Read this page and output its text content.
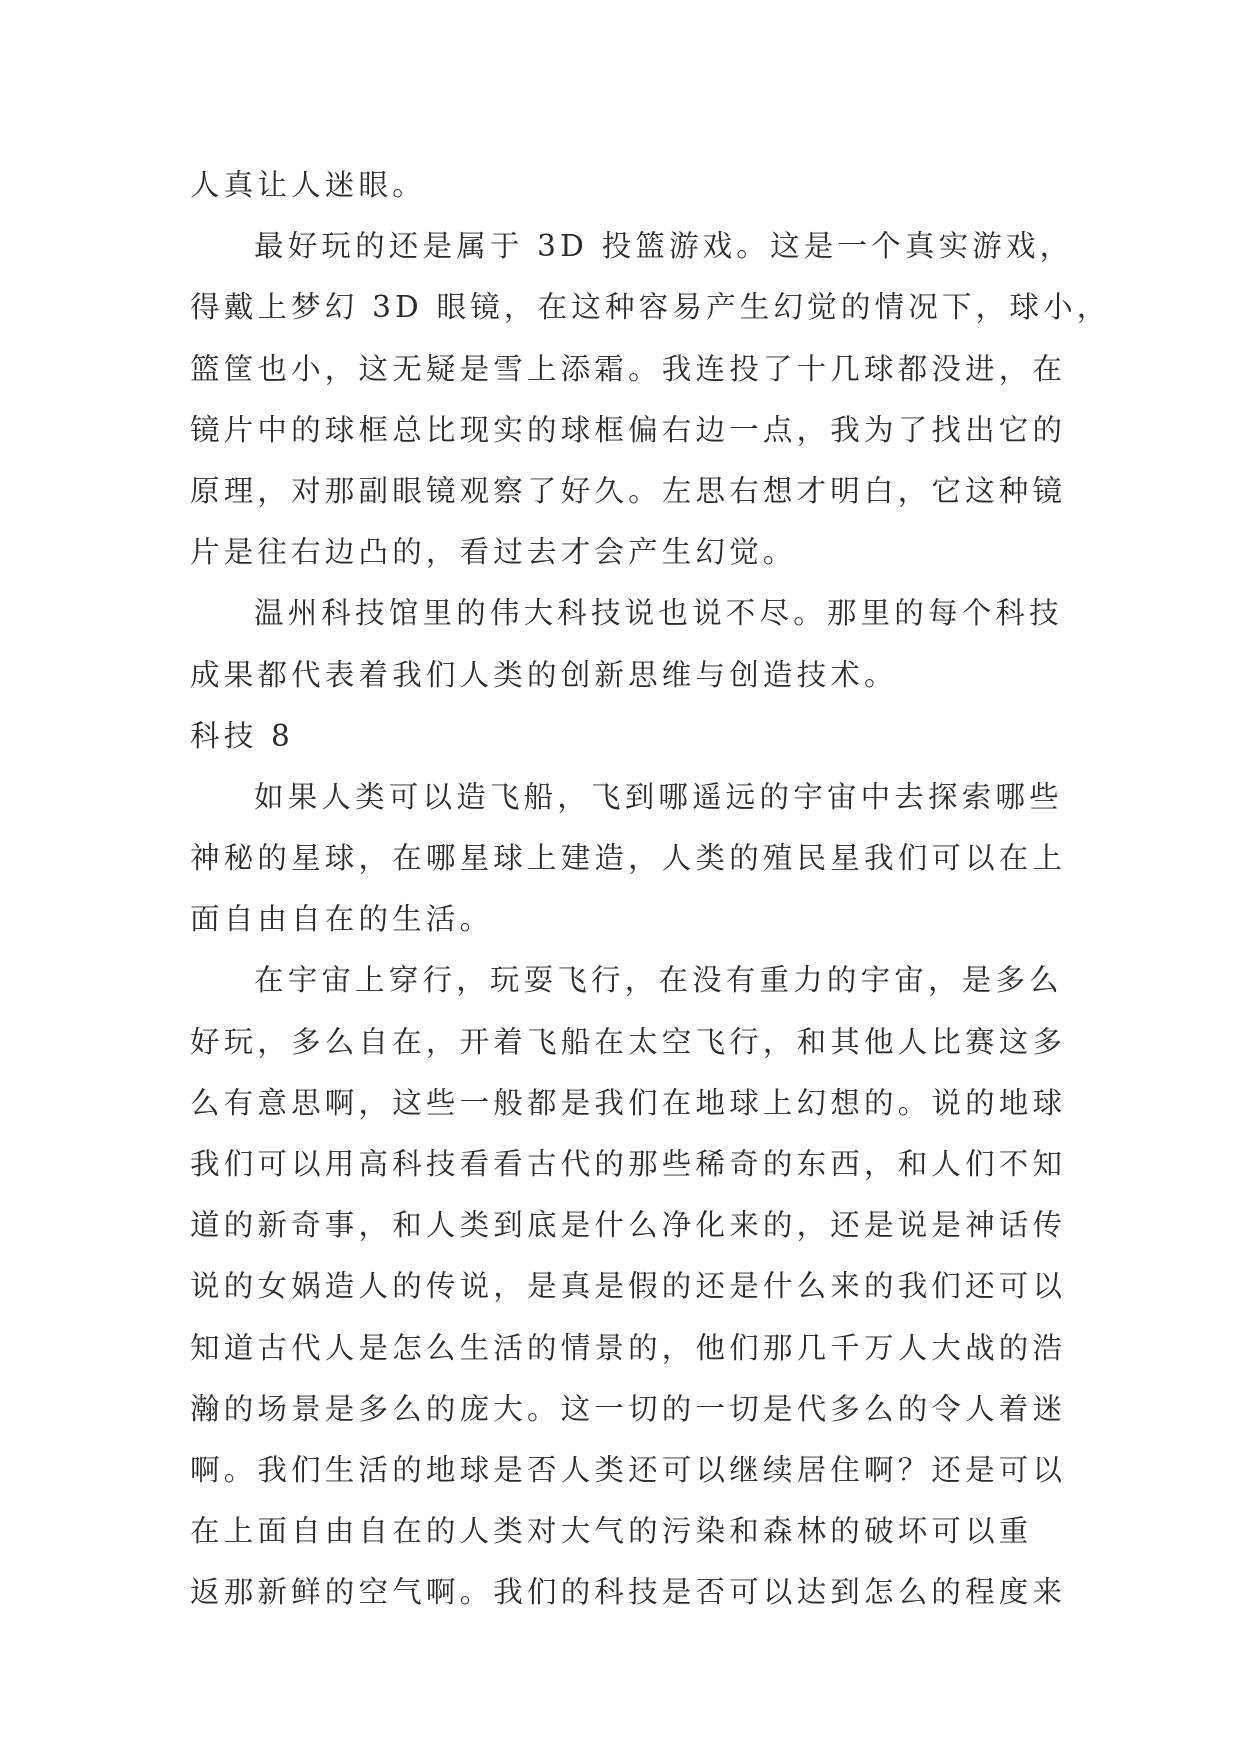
人真让人迷眼。
最好玩的还是属于 3D 投篮游戏。这是一个真实游戏，
得戴上梦幻 3D 眼镜，在这种容易产生幻觉的情况下，球小，
篮筐也小，这无疑是雪上添霜。我连投了十几球都没进，在
镜片中的球框总比现实的球框偏右边一点，我为了找出它的
原理，对那副眼镜观察了好久。左思右想才明白，它这种镜
片是往右边凸的，看过去才会产生幻觉。
温州科技馆里的伟大科技说也说不尽。那里的每个科技
成果都代表着我们人类的创新思维与创造技术。
科技 8
如果人类可以造飞船，飞到哪遥远的宇宙中去探索哪些
神秘的星球，在哪星球上建造，人类的殖民星我们可以在上
面自由自在的生活。
在宇宙上穿行，玩耍飞行，在没有重力的宇宙，是多么
好玩，多么自在，开着飞船在太空飞行，和其他人比赛这多
么有意思啊，这些一般都是我们在地球上幻想的。说的地球
我们可以用高科技看看古代的那些稀奇的东西，和人们不知
道的新奇事，和人类到底是什么净化来的，还是说是神话传
说的女娲造人的传说，是真是假的还是什么来的我们还可以
知道古代人是怎么生活的情景的，他们那几千万人大战的浩
瀚的场景是多么的庞大。这一切的一切是代多么的令人着迷
啊。我们生活的地球是否人类还可以继续居住啊？还是可以
在上面自由自在的人类对大气的污染和森林的破坏可以重
返那新鲜的空气啊。我们的科技是否可以达到怎么的程度来
